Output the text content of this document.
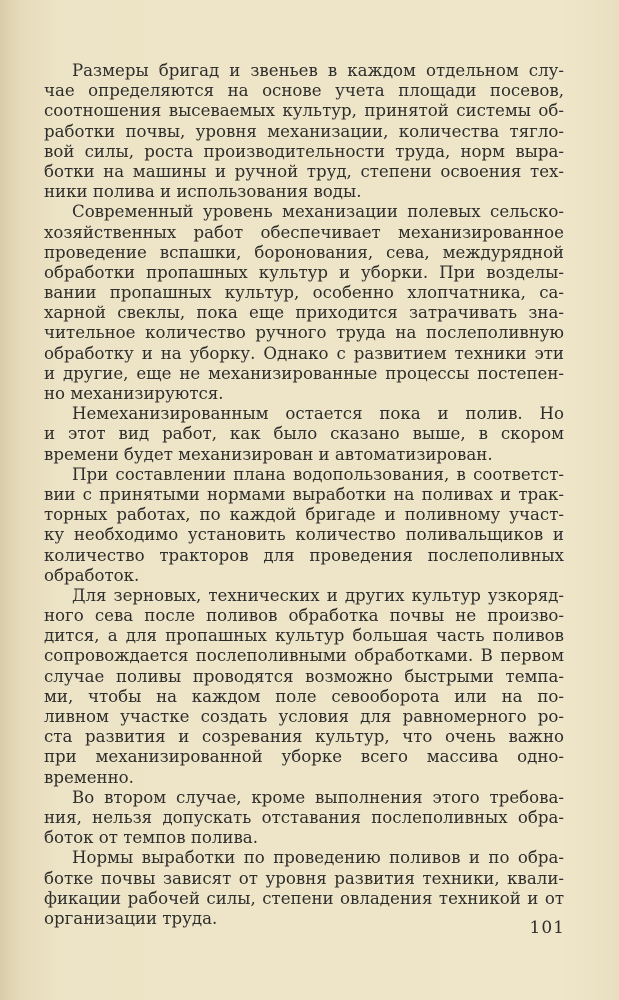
Размеры бригад и звеньев в каждом отдельном слу-
чае определяются на основе учета площади посевов,
соотношения высеваемых культур, принятой системы об-
работки почвы, уровня механизации, количества тягло-
вой силы, роста производительности труда, норм выра-
ботки на машины и ручной труд, степени освоения тех-
ники полива и использования воды.
Современный уровень механизации полевых сельско-
хозяйственных работ обеспечивает механизированное
проведение вспашки, боронования, сева, междурядной
обработки пропашных культур и уборки. При возделы-
вании пропашных культур, особенно хлопчатника, са-
харной свеклы, пока еще приходится затрачивать зна-
чительное количество ручного труда на послеполивную
обработку и на уборку. Однако с развитием техники эти
и другие, еще не механизированные процессы постепен-
но механизируются.
Немеханизированным остается пока и полив. Но
и этот вид работ, как было сказано выше, в скором
времени будет механизирован и автоматизирован.
При составлении плана водопользования, в соответст-
вии с принятыми нормами выработки на поливах и трак-
торных работах, по каждой бригаде и поливному участ-
ку необходимо установить количество поливальщиков и
количество тракторов для проведения послеполивных
обработок.
Для зерновых, технических и других культур узкоряд-
ного сева после поливов обработка почвы не произво-
дится, а для пропашных культур большая часть поливов
сопровождается послеполивными обработками. В первом
случае поливы проводятся возможно быстрыми темпа-
ми, чтобы на каждом поле севооборота или на по-
ливном участке создать условия для равномерного ро-
ста развития и созревания культур, что очень важно
при механизированной уборке всего массива одно-
временно.
Во втором случае, кроме выполнения этого требова-
ния, нельзя допускать отставания послеполивных обра-
боток от темпов полива.
Нормы выработки по проведению поливов и по обра-
ботке почвы зависят от уровня развития техники, квали-
фикации рабочей силы, степени овладения техникой и от
организации труда.	101
